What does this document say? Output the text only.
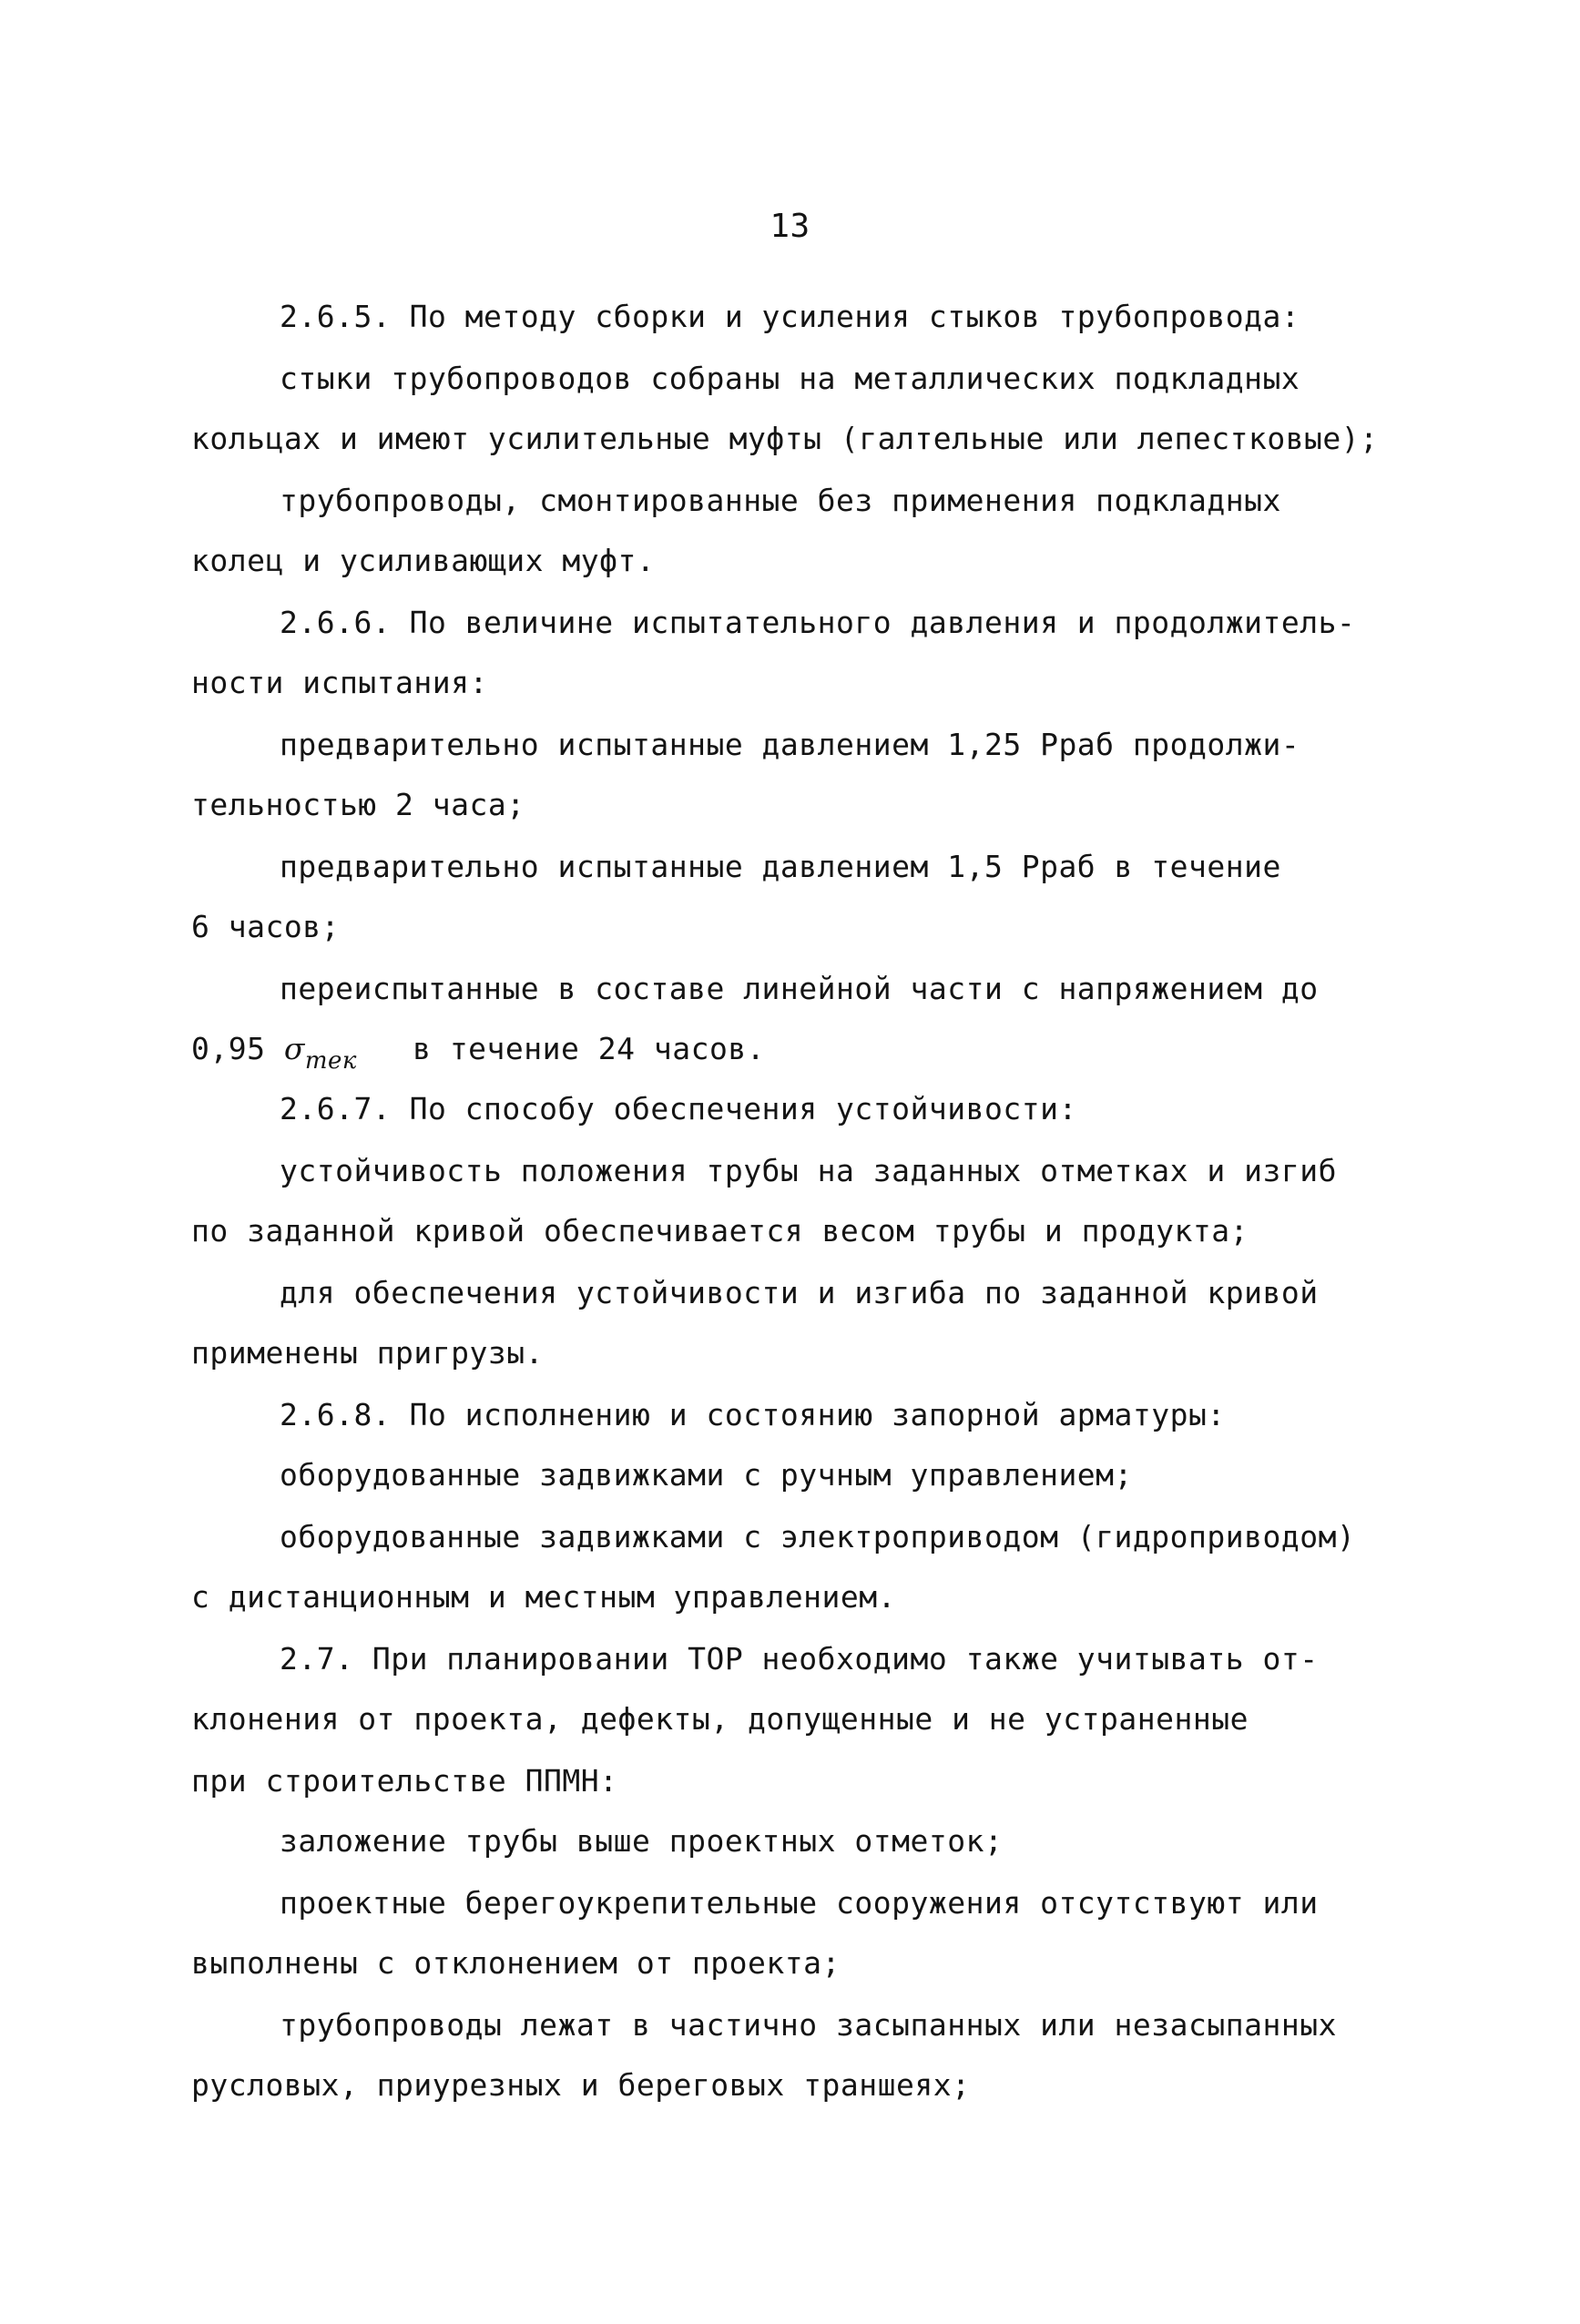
13
2.6.5. По методу сборки и усиления стыков трубопровода:
стыки трубопроводов собраны на металлических подкладных
кольцах и имеют усилительные муфты (галтельные или лепестковые);
трубопроводы, смонтированные без применения подкладных
колец и усиливающих муфт.
2.6.6. По величине испытательного давления и продолжитель-
ности испытания:
предварительно испытанные давлением 1,25 Рраб продолжи-
тельностью 2 часа;
предварительно испытанные давлением 1,5 Рраб в течение
6 часов;
переиспытанные в составе линейной части с напряжением до
0,95 $\sigma_{тек}$ в течение 24 часов.
2.6.7. По способу обеспечения устойчивости:
устойчивость положения трубы на заданных отметках и изгиб
по заданной кривой обеспечивается весом трубы и продукта;
для обеспечения устойчивости и изгиба по заданной кривой
применены пригрузы.
2.6.8. По исполнению и состоянию запорной арматуры:
оборудованные задвижками с ручным управлением;
оборудованные задвижками с электроприводом (гидроприводом)
с дистанционным и местным управлением.
2.7. При планировании ТОР необходимо также учитывать от-
клонения от проекта, дефекты, допущенные и не устраненные
при строительстве ППМН:
заложение трубы выше проектных отметок;
проектные берегоукрепительные сооружения отсутствуют или
выполнены с отклонением от проекта;
трубопроводы лежат в частично засыпанных или незасыпанных
русловых, приурезных и береговых траншеях;
